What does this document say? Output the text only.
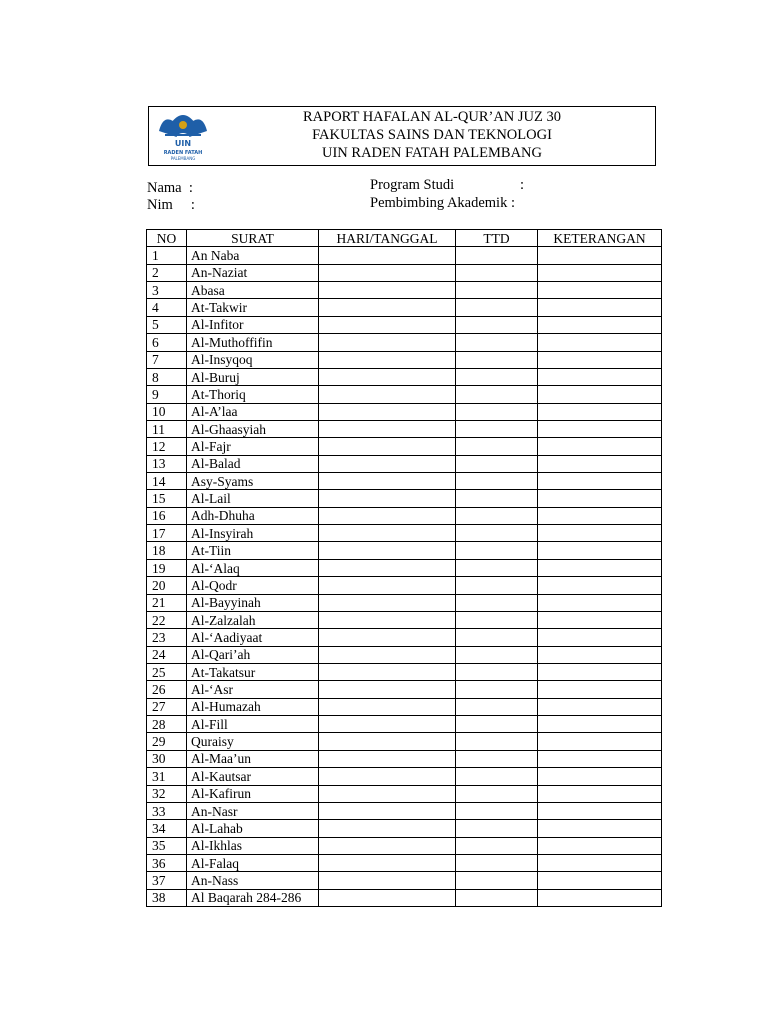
UIN
RADEN FATAH
PALEMBANG
RAPORT HAFALAN AL-QUR’AN JUZ 30
FAKULTAS SAINS DAN TEKNOLOGI
UIN RADEN FATAH PALEMBANG
Nama  :
Nim     :
Program Studi	:
Pembimbing Akademik :
NO	SURAT	HARI/TANGGAL	TTD	KETERANGAN
1	An Naba			
2	An-Naziat			
3	Abasa			
4	At-Takwir			
5	Al-Infitor			
6	Al-Muthoffifin			
7	Al-Insyqoq			
8	Al-Buruj			
9	At-Thoriq			
10	Al-A’laa			
11	Al-Ghaasyiah			
12	Al-Fajr			
13	Al-Balad			
14	Asy-Syams			
15	Al-Lail			
16	Adh-Dhuha			
17	Al-Insyirah			
18	At-Tiin			
19	Al-‘Alaq			
20	Al-Qodr			
21	Al-Bayyinah			
22	Al-Zalzalah			
23	Al-‘Aadiyaat			
24	Al-Qari’ah			
25	At-Takatsur			
26	Al-‘Asr			
27	Al-Humazah			
28	Al-Fill			
29	Quraisy			
30	Al-Maa’un			
31	Al-Kautsar			
32	Al-Kafirun			
33	An-Nasr			
34	Al-Lahab			
35	Al-Ikhlas			
36	Al-Falaq			
37	An-Nass			
38	Al Baqarah 284-286			
